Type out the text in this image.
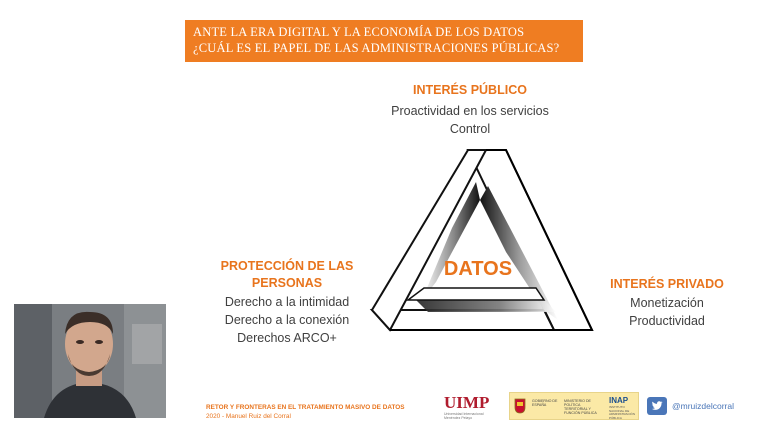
ANTE LA ERA DIGITAL Y LA ECONOMÍA DE LOS DATOS
¿CUÁL ES EL PAPEL DE LAS ADMINISTRACIONES PÚBLICAS?
INTERÉS PÚBLICO
Proactividad en los servicios
Control
PROTECCIÓN DE LAS
PERSONAS
Derecho a la intimidad
Derecho a la conexión
Derechos ARCO+
INTERÉS PRIVADO
Monetización
Productividad
DATOS
RETOR Y FRONTERAS EN EL TRATAMIENTO MASIVO DE DATOS
2020 - Manuel Ruiz del Corral
UIMP
Universidad Internacional
Menéndez Pelayo
GOBIERNO DE ESPAÑA
MINISTERIO DE POLÍTICA TERRITORIAL Y FUNCIÓN PÚBLICA
INAP
INSTITUTO NACIONAL DE ADMINISTRACIÓN PÚBLICA
@mruizdelcorral
